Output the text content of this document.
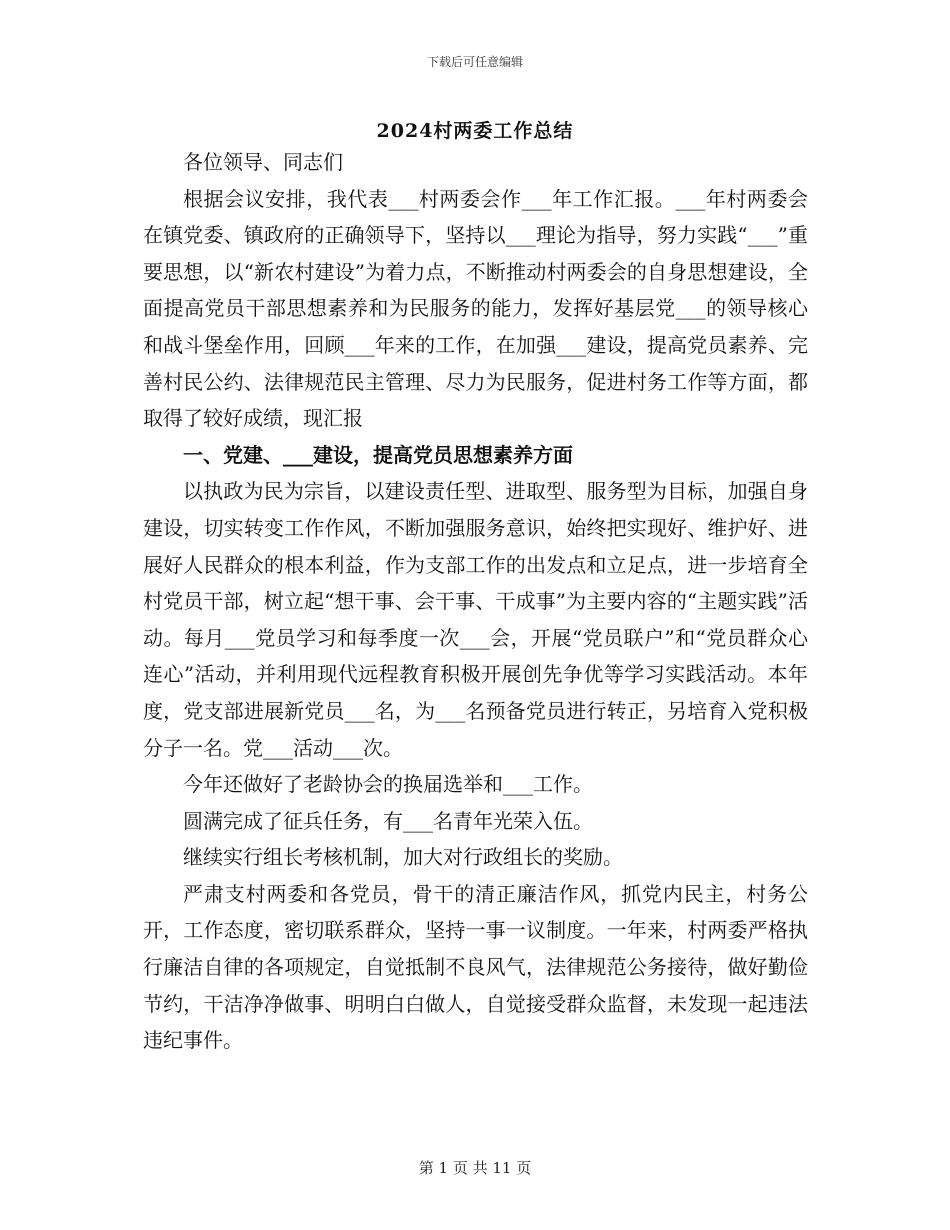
下载后可任意编辑
2024村两委工作总结

各位领导、同志们

根据会议安排，我代表___村两委会作___年工作汇报。___年村两委会在镇党委、镇政府的正确领导下，坚持以___理论为指导，努力实践“___”重要思想，以“新农村建设”为着力点，不断推动村两委会的自身思想建设，全面提高党员干部思想素养和为民服务的能力，发挥好基层党___的领导核心和战斗堡垒作用，回顾___年来的工作，在加强___建设，提高党员素养、完善村民公约、法律规范民主管理、尽力为民服务，促进村务工作等方面，都取得了较好成绩，现汇报

一、党建、___建设，提高党员思想素养方面

以执政为民为宗旨，以建设责任型、进取型、服务型为目标，加强自身建设，切实转变工作作风，不断加强服务意识，始终把实现好、维护好、进展好人民群众的根本利益，作为支部工作的出发点和立足点，进一步培育全村党员干部，树立起“想干事、会干事、干成事”为主要内容的“主题实践”活动。每月___党员学习和每季度一次___会，开展“党员联户”和“党员群众心连心”活动，并利用现代远程教育积极开展创先争优等学习实践活动。本年度，党支部进展新党员___名，为___名预备党员进行转正，另培育入党积极分子一名。党___活动___次。

今年还做好了老龄协会的换届选举和___工作。

圆满完成了征兵任务，有___名青年光荣入伍。

继续实行组长考核机制，加大对行政组长的奖励。

严肃支村两委和各党员，骨干的清正廉洁作风，抓党内民主，村务公开，工作态度，密切联系群众，坚持一事一议制度。一年来，村两委严格执行廉洁自律的各项规定，自觉抵制不良风气，法律规范公务接待，做好勤俭节约，干洁净净做事、明明白白做人，自觉接受群众监督，未发现一起违法违纪事件。

第 1 页 共 11 页
